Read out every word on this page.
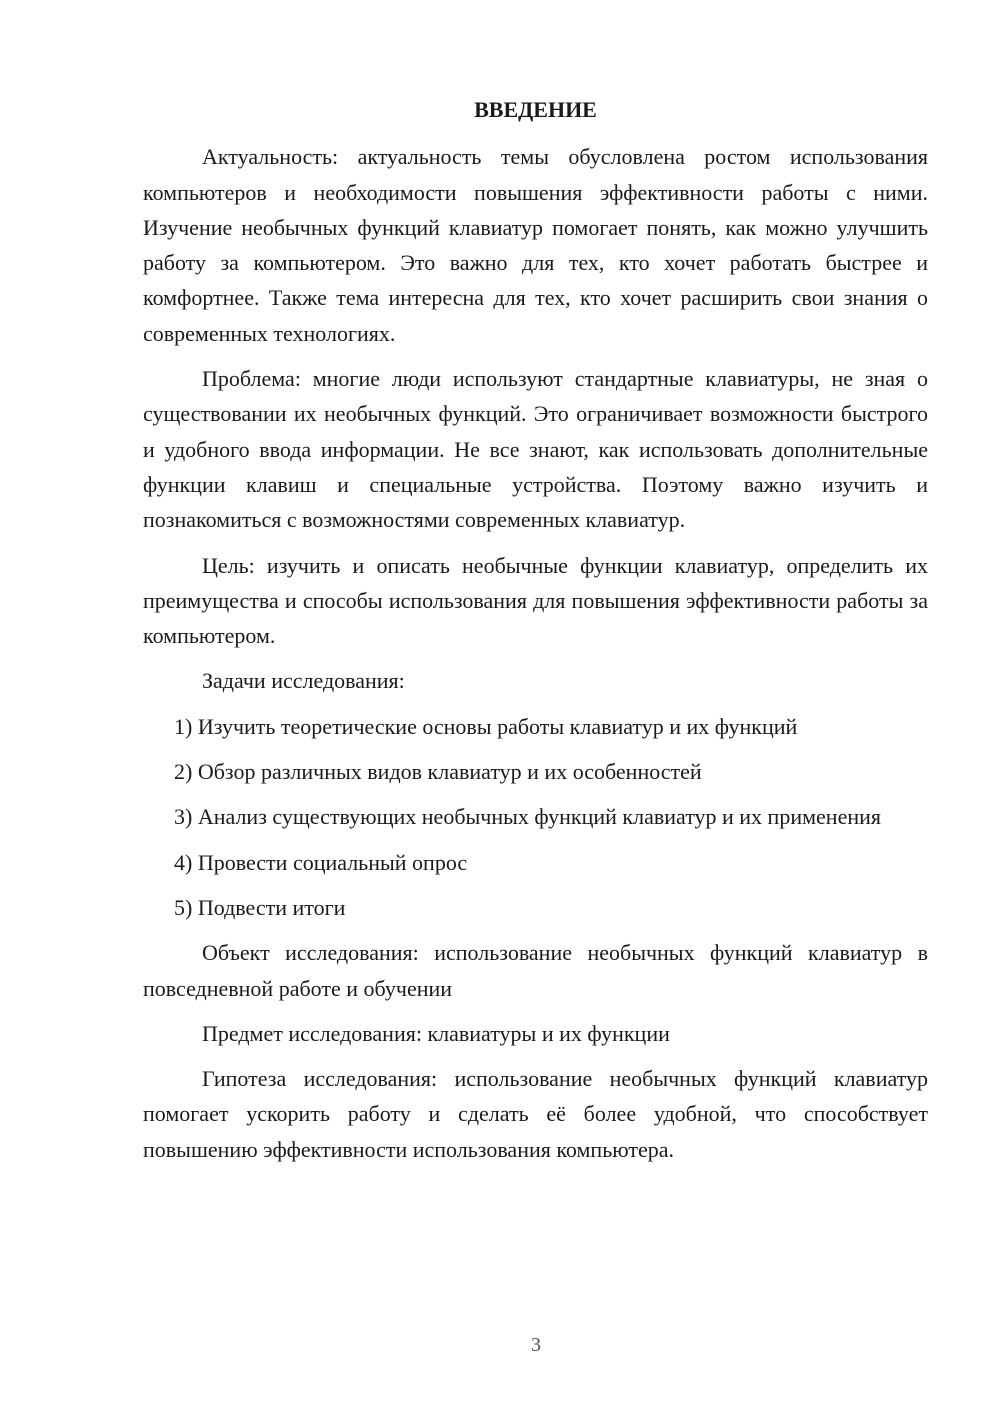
ВВЕДЕНИЕ

Актуальность: актуальность темы обусловлена ростом использования компьютеров и необходимости повышения эффективности работы с ними. Изучение необычных функций клавиатур помогает понять, как можно улучшить работу за компьютером. Это важно для тех, кто хочет работать быстрее и комфортнее. Также тема интересна для тех, кто хочет расширить свои знания о современных технологиях.

Проблема: многие люди используют стандартные клавиатуры, не зная о существовании их необычных функций. Это ограничивает возможности быстрого и удобного ввода информации. Не все знают, как использовать дополнительные функции клавиш и специальные устройства. Поэтому важно изучить и познакомиться с возможностями современных клавиатур.

Цель: изучить и описать необычные функции клавиатур, определить их преимущества и способы использования для повышения эффективности работы за компьютером.

Задачи исследования:

1) Изучить теоретические основы работы клавиатур и их функций

2) Обзор различных видов клавиатур и их особенностей

3) Анализ существующих необычных функций клавиатур и их применения

4) Провести социальный опрос

5) Подвести итоги

Объект исследования: использование необычных функций клавиатур в повседневной работе и обучении

Предмет исследования: клавиатуры и их функции

Гипотеза исследования: использование необычных функций клавиатур помогает ускорить работу и сделать её более удобной, что способствует повышению эффективности использования компьютера.

3
